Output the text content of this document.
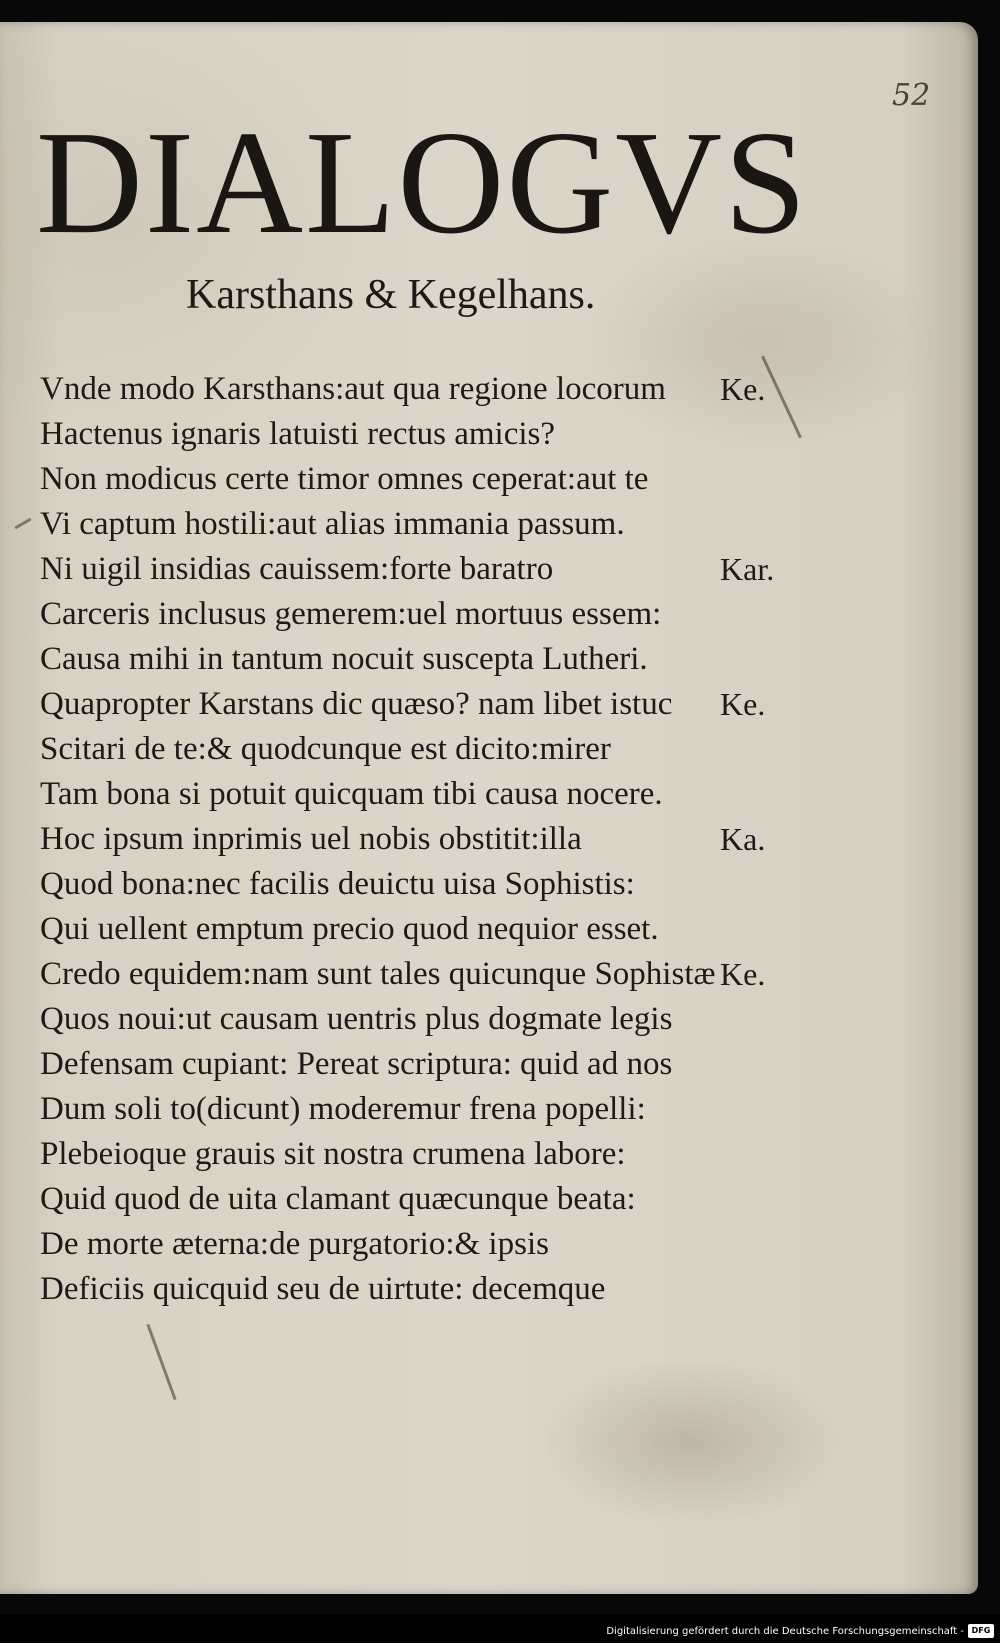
52
DIALOGVS
Karsthans & Kegelhans.
Vnde modo Karsthans:aut qua regione locorum Ke.
Hactenus ignaris latuisti rectus amicis?
Non modicus certe timor omnes ceperat:aut te
Vi captum hostili:aut alias immania passum.
Ni uigil insidias cauissem:forte baratro	Kar.
Carceris inclusus gemerem:uel mortuus essem:
Causa mihi in tantum nocuit suscepta Lutheri.
Quapropter Karstans dic quæso? nam libet istuc Ke.
Scitari de te:& quodcunque est dicito:mirer
Tam bona si potuit quicquam tibi causa nocere.
Hoc ipsum inprimis uel nobis obstitit:illa	Ka.
Quod bona:nec facilis deuictu uisa Sophistis:
Qui uellent emptum precio quod nequior esset.
Credo equidem:nam sunt tales quicunque Sophistæ Ke.
Quos noui:ut causam uentris plus dogmate legis
Defensam cupiant: Pereat scriptura: quid ad nos
Dum soli to(dicunt) moderemur frena popelli:
Plebeioque grauis sit nostra crumena labore:
Quid quod de uita clamant quæcunque beata:
De morte æterna:de purgatorio:& ipsis
Deficiis quicquid seu de uirtute: decemque
Digitalisierung gefördert durch die Deutsche Forschungsgemeinschaft - DFG
